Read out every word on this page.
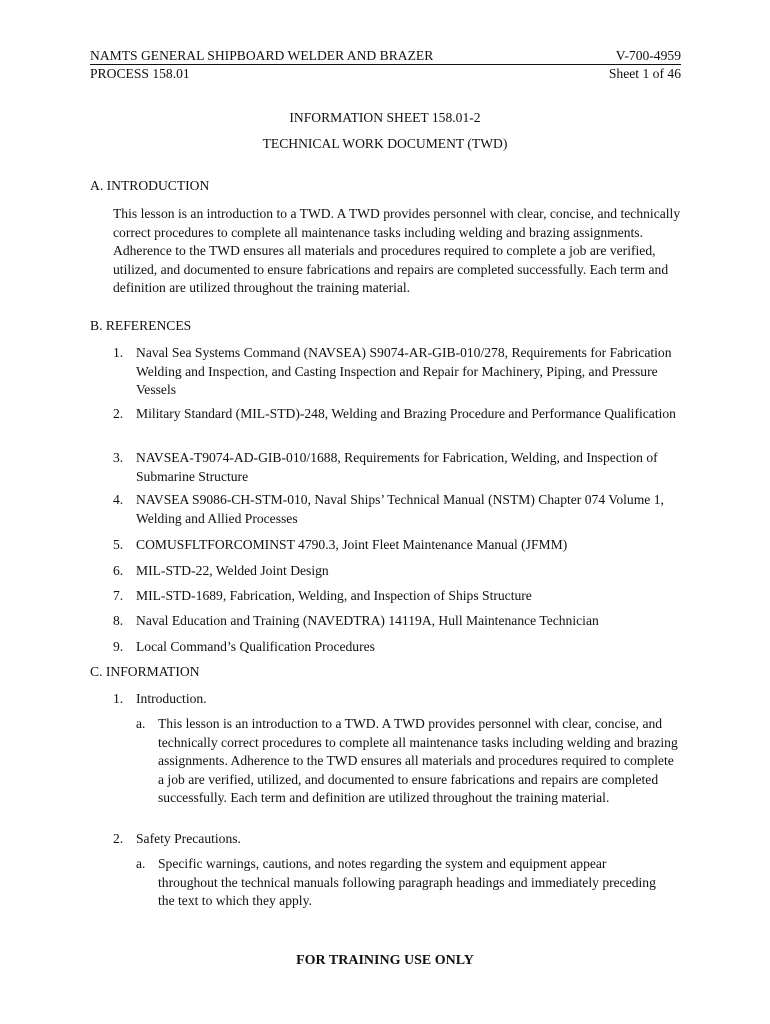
NAMTS GENERAL SHIPBOARD WELDER AND BRAZER	V-700-4959
PROCESS 158.01	Sheet 1 of 46
INFORMATION SHEET 158.01-2
TECHNICAL WORK DOCUMENT (TWD)
A. INTRODUCTION
This lesson is an introduction to a TWD. A TWD provides personnel with clear, concise, and technically correct procedures to complete all maintenance tasks including welding and brazing assignments. Adherence to the TWD ensures all materials and procedures required to complete a job are verified, utilized, and documented to ensure fabrications and repairs are completed successfully. Each term and definition are utilized throughout the training material.
B. REFERENCES
1. Naval Sea Systems Command (NAVSEA) S9074-AR-GIB-010/278, Requirements for Fabrication Welding and Inspection, and Casting Inspection and Repair for Machinery, Piping, and Pressure Vessels
2. Military Standard (MIL-STD)-248, Welding and Brazing Procedure and Performance Qualification
3. NAVSEA-T9074-AD-GIB-010/1688, Requirements for Fabrication, Welding, and Inspection of Submarine Structure
4. NAVSEA S9086-CH-STM-010, Naval Ships’ Technical Manual (NSTM) Chapter 074 Volume 1, Welding and Allied Processes
5. COMUSFLTFORCOMINST 4790.3, Joint Fleet Maintenance Manual (JFMM)
6. MIL-STD-22, Welded Joint Design
7. MIL-STD-1689, Fabrication, Welding, and Inspection of Ships Structure
8. Naval Education and Training (NAVEDTRA) 14119A, Hull Maintenance Technician
9. Local Command’s Qualification Procedures
C. INFORMATION
1. Introduction.
a. This lesson is an introduction to a TWD. A TWD provides personnel with clear, concise, and technically correct procedures to complete all maintenance tasks including welding and brazing assignments. Adherence to the TWD ensures all materials and procedures required to complete a job are verified, utilized, and documented to ensure fabrications and repairs are completed successfully. Each term and definition are utilized throughout the training material.
2. Safety Precautions.
a. Specific warnings, cautions, and notes regarding the system and equipment appear throughout the technical manuals following paragraph headings and immediately preceding the text to which they apply.
FOR TRAINING USE ONLY
